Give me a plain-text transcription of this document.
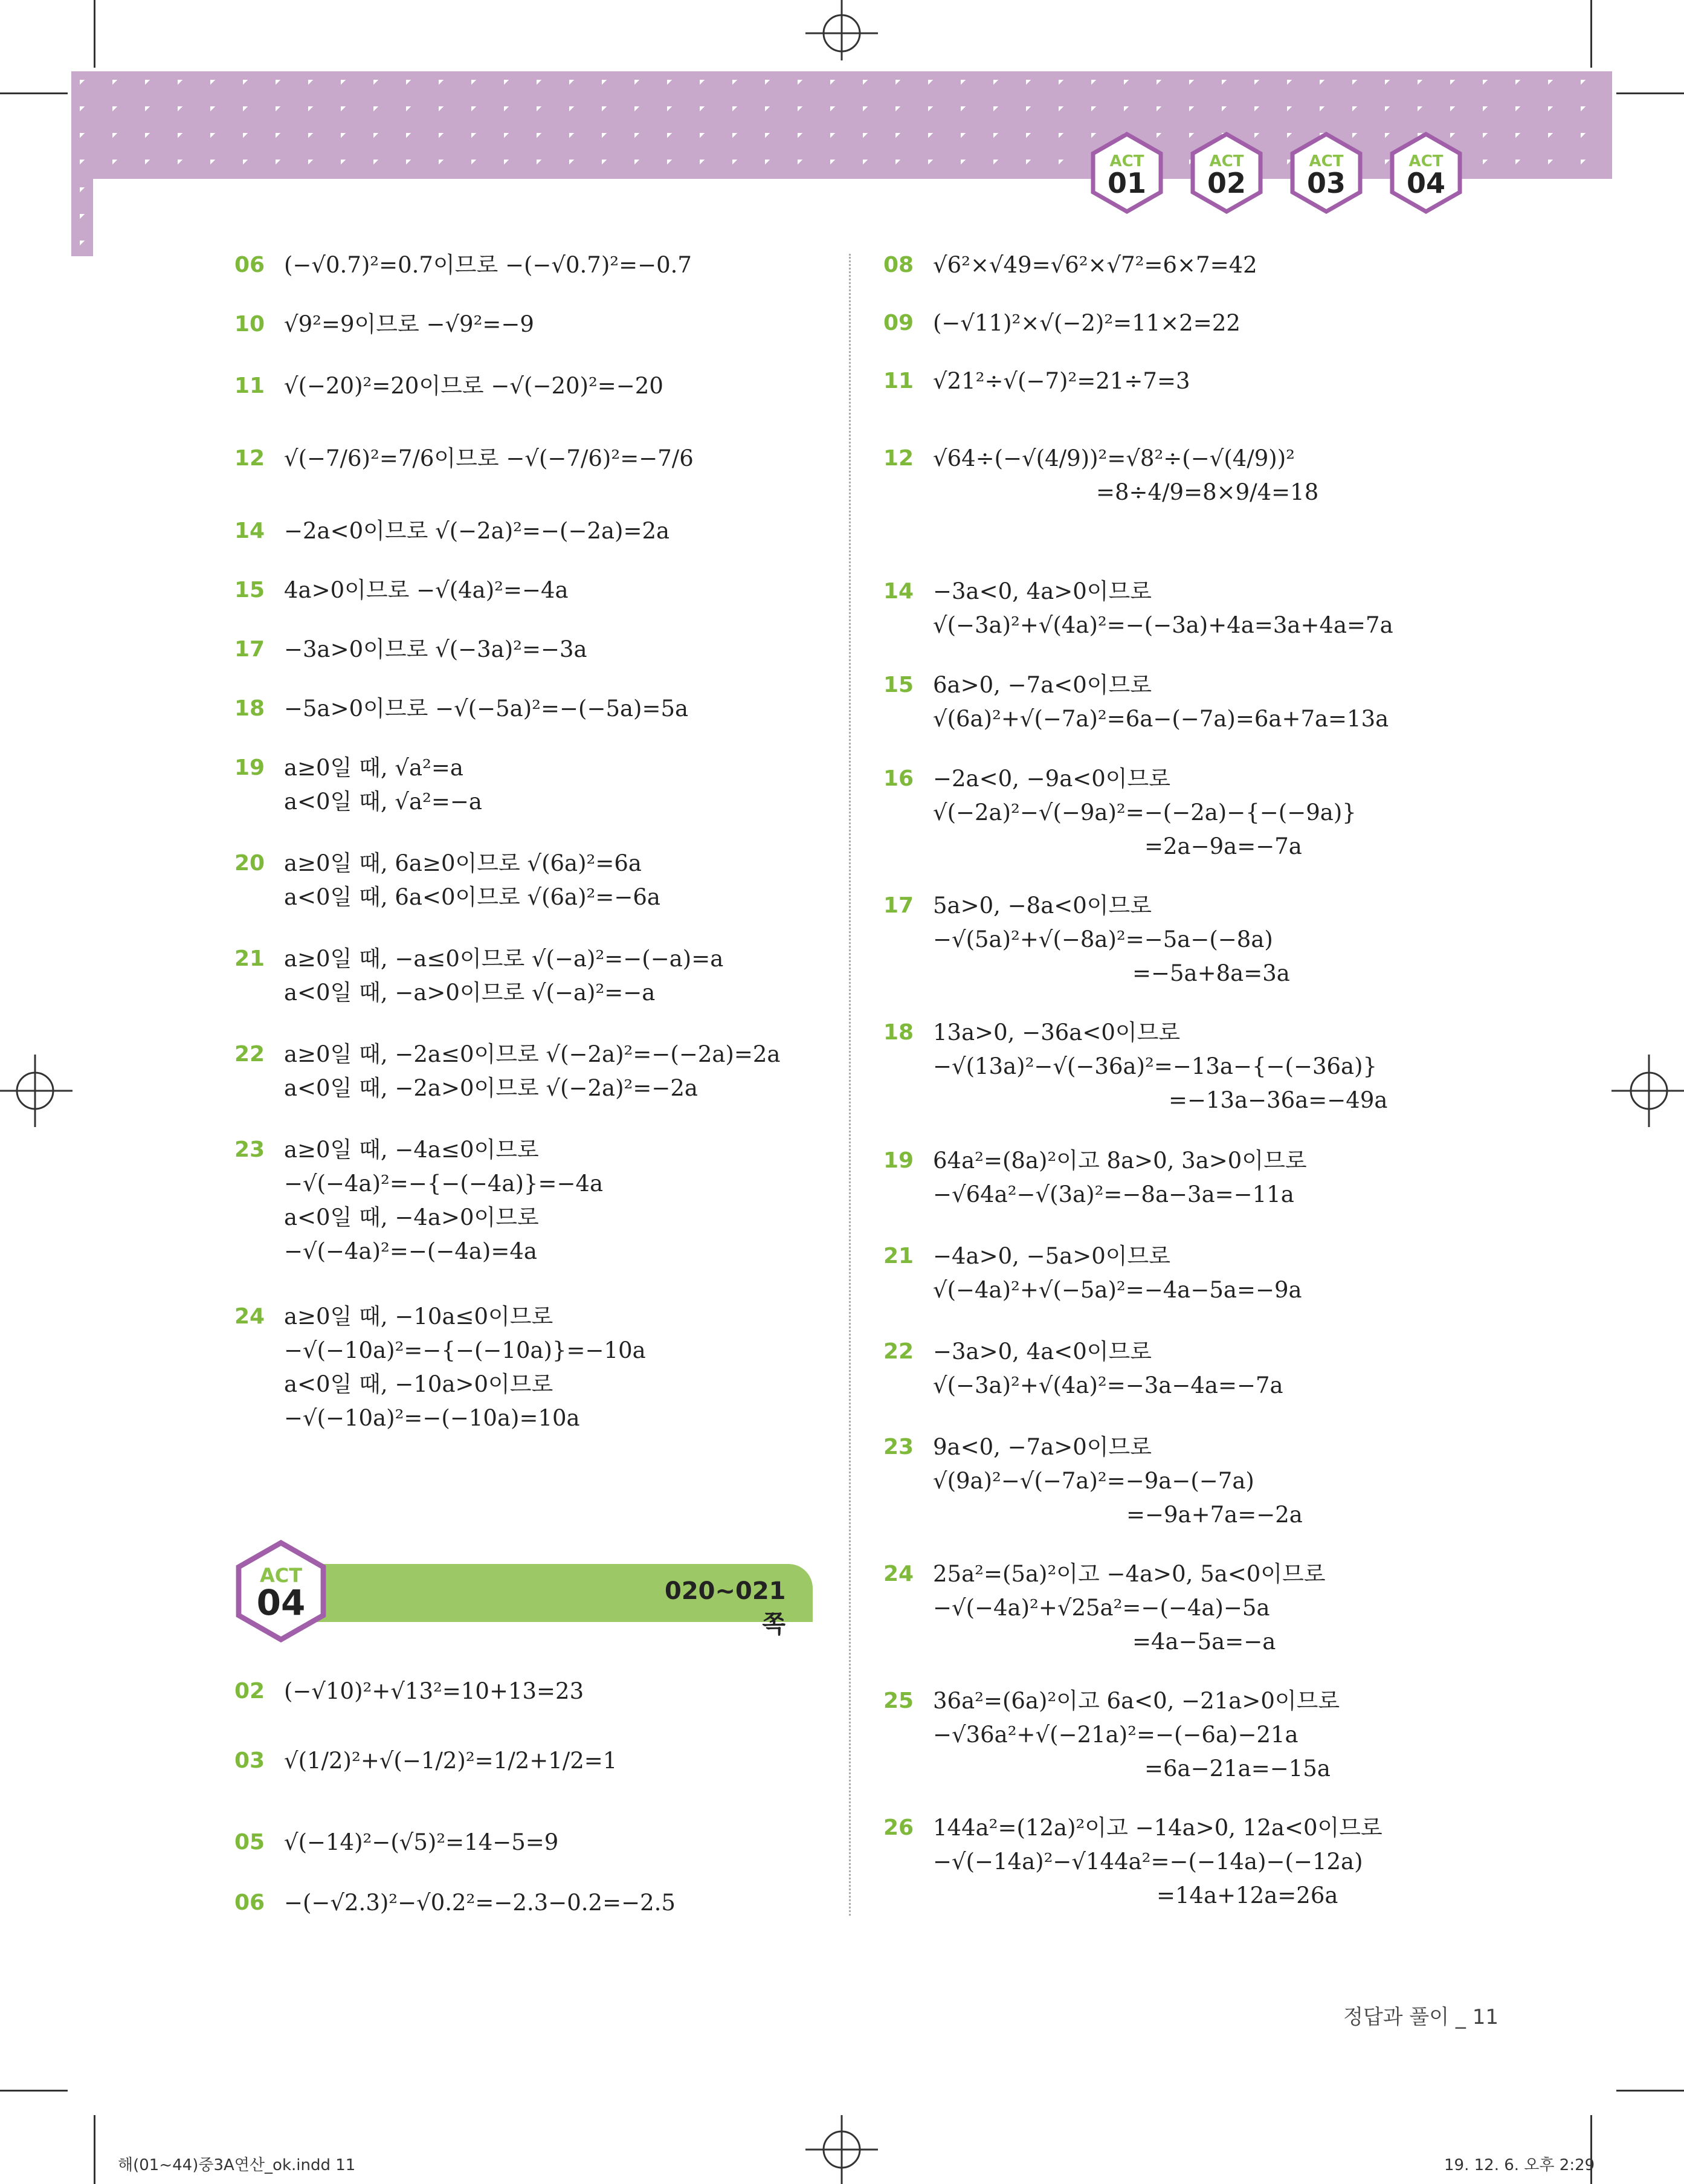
ACT
01
ACT
02
ACT
03
ACT
04
06 (−√0.7)²=0.7이므로 −(−√0.7)²=−0.7
10 √9²=9이므로 −√9²=−9
11 √(−20)²=20이므로 −√(−20)²=−20
12 √(−7/6)²=7/6이므로 −√(−7/6)²=−7/6
14 −2a<0이므로 √(−2a)²=−(−2a)=2a
15 4a>0이므로 −√(4a)²=−4a
17 −3a>0이므로 √(−3a)²=−3a
18 −5a>0이므로 −√(−5a)²=−(−5a)=5a
19 a≥0일 때, √a²=a
a<0일 때, √a²=−a
20 a≥0일 때, 6a≥0이므로 √(6a)²=6a
a<0일 때, 6a<0이므로 √(6a)²=−6a
21 a≥0일 때, −a≤0이므로 √(−a)²=−(−a)=a
a<0일 때, −a>0이므로 √(−a)²=−a
22 a≥0일 때, −2a≤0이므로 √(−2a)²=−(−2a)=2a
a<0일 때, −2a>0이므로 √(−2a)²=−2a
23 a≥0일 때, −4a≤0이므로
−√(−4a)²=−{−(−4a)}=−4a
a<0일 때, −4a>0이므로
−√(−4a)²=−(−4a)=4a
24 a≥0일 때, −10a≤0이므로
−√(−10a)²=−{−(−10a)}=−10a
a<0일 때, −10a>0이므로
−√(−10a)²=−(−10a)=10a
ACT
04	020~021쪽
02 (−√10)²+√13²=10+13=23
03 √(1/2)²+√(−1/2)²=1/2+1/2=1
05 √(−14)²−(√5)²=14−5=9
06 −(−√2.3)²−√0.2²=−2.3−0.2=−2.5
08 √6²×√49=√6²×√7²=6×7=42
09 (−√11)²×√(−2)²=11×2=22
11 √21²÷√(−7)²=21÷7=3
12 √64÷(−√(4/9))²=√8²÷(−√(4/9))²
=8÷4/9=8×9/4=18
14 −3a<0, 4a>0이므로
√(−3a)²+√(4a)²=−(−3a)+4a=3a+4a=7a
15 6a>0, −7a<0이므로
√(6a)²+√(−7a)²=6a−(−7a)=6a+7a=13a
16 −2a<0, −9a<0이므로
√(−2a)²−√(−9a)²=−(−2a)−{−(−9a)}
=2a−9a=−7a
17 5a>0, −8a<0이므로
−√(5a)²+√(−8a)²=−5a−(−8a)
=−5a+8a=3a
18 13a>0, −36a<0이므로
−√(13a)²−√(−36a)²=−13a−{−(−36a)}
=−13a−36a=−49a
19 64a²=(8a)²이고 8a>0, 3a>0이므로
−√64a²−√(3a)²=−8a−3a=−11a
21 −4a>0, −5a>0이므로
√(−4a)²+√(−5a)²=−4a−5a=−9a
22 −3a>0, 4a<0이므로
√(−3a)²+√(4a)²=−3a−4a=−7a
23 9a<0, −7a>0이므로
√(9a)²−√(−7a)²=−9a−(−7a)
=−9a+7a=−2a
24 25a²=(5a)²이고 −4a>0, 5a<0이므로
−√(−4a)²+√25a²=−(−4a)−5a
=4a−5a=−a
25 36a²=(6a)²이고 6a<0, −21a>0이므로
−√36a²+√(−21a)²=−(−6a)−21a
=6a−21a=−15a
26 144a²=(12a)²이고 −14a>0, 12a<0이므로
−√(−14a)²−√144a²=−(−14a)−(−12a)
=14a+12a=26a
정답과 풀이 _ 11
해(01~44)중3A연산_ok.indd 11	19. 12. 6. 오후 2:29
